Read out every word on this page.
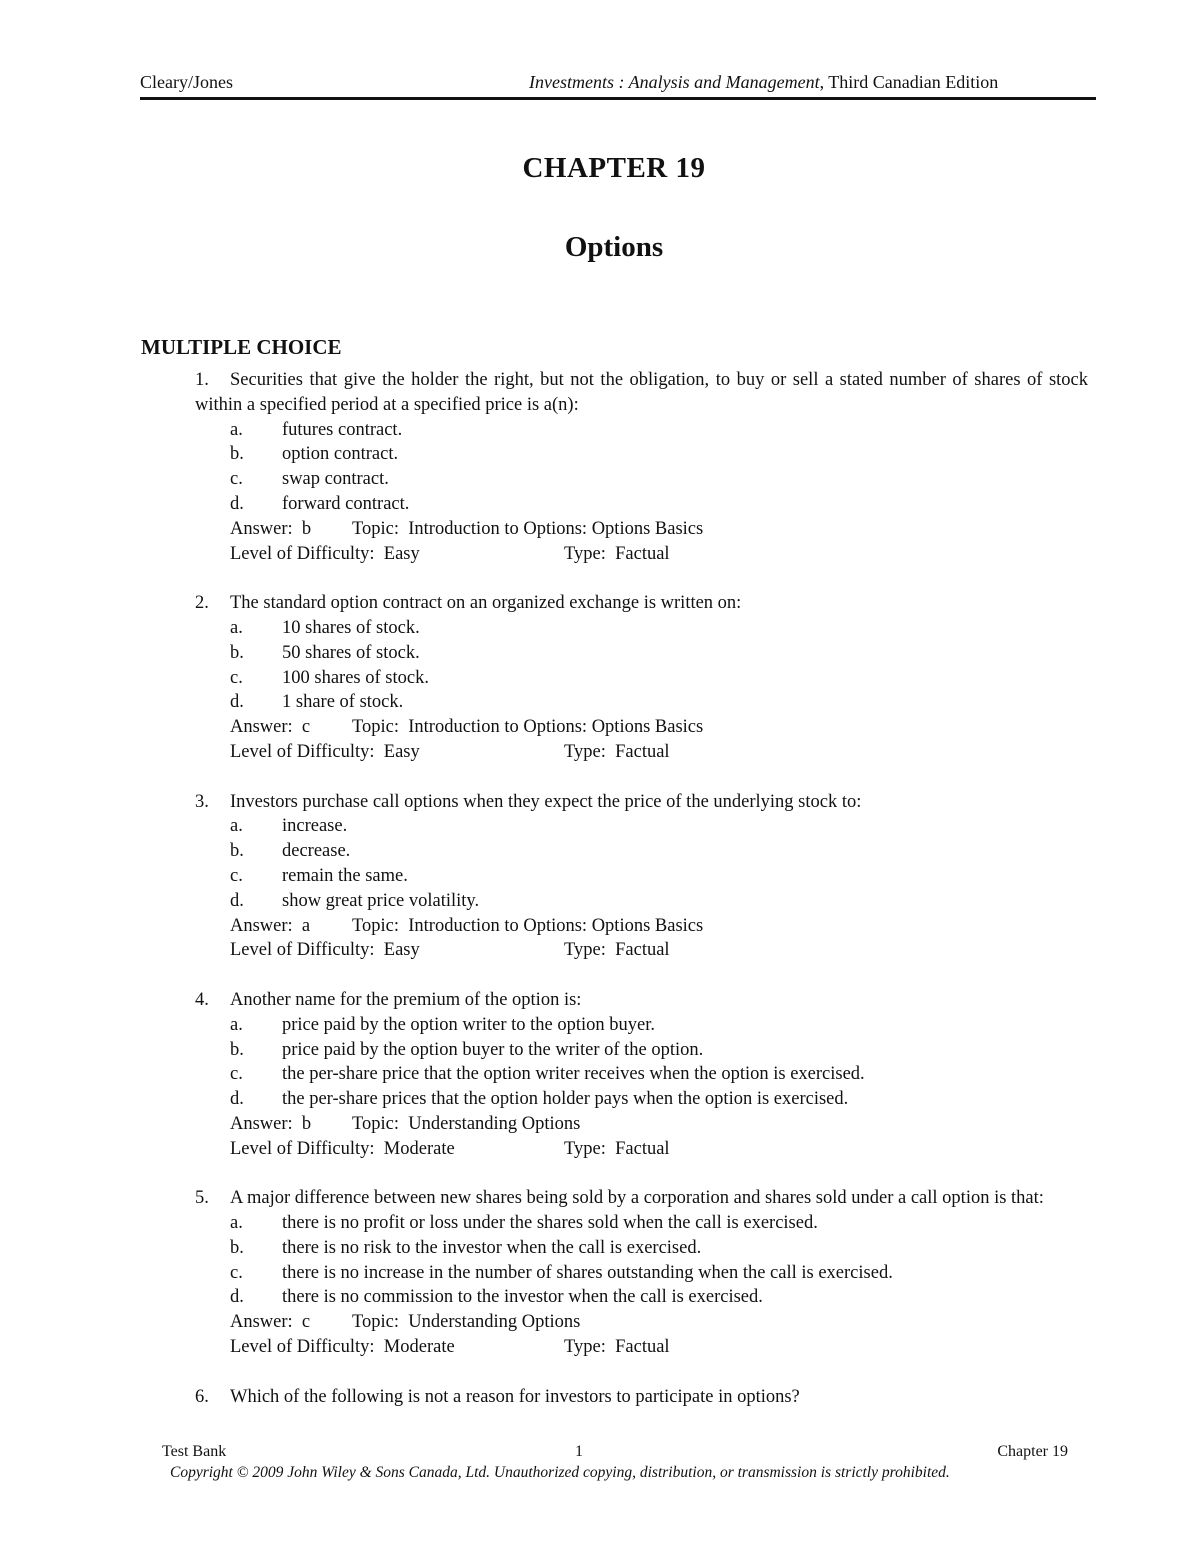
Cleary/Jones	Investments : Analysis and Management, Third Canadian Edition
CHAPTER 19
Options
MULTIPLE CHOICE
1. Securities that give the holder the right, but not the obligation, to buy or sell a stated number of shares of stock within a specified period at a specified price is a(n):
a. futures contract.
b. option contract.
c. swap contract.
d. forward contract.
Answer:  b Topic:  Introduction to Options: Options Basics
Level of Difficulty:  Easy	Type:  Factual
2. The standard option contract on an organized exchange is written on:
a. 10 shares of stock.
b. 50 shares of stock.
c. 100 shares of stock.
d. 1 share of stock.
Answer:  c Topic:  Introduction to Options: Options Basics
Level of Difficulty:  Easy	Type:  Factual
3. Investors purchase call options when they expect the price of the underlying stock to:
a. increase.
b. decrease.
c. remain the same.
d. show great price volatility.
Answer:  a Topic:  Introduction to Options: Options Basics
Level of Difficulty:  Easy	Type:  Factual
4. Another name for the premium of the option is:
a. price paid by the option writer to the option buyer.
b. price paid by the option buyer to the writer of the option.
c. the per-share price that the option writer receives when the option is exercised.
d. the per-share prices that the option holder pays when the option is exercised.
Answer:  b Topic:  Understanding Options
Level of Difficulty:  Moderate	Type:  Factual
5. A major difference between new shares being sold by a corporation and shares sold under a call option is that:
a. there is no profit or loss under the shares sold when the call is exercised.
b. there is no risk to the investor when the call is exercised.
c. there is no increase in the number of shares outstanding when the call is exercised.
d. there is no commission to the investor when the call is exercised.
Answer:  c Topic:  Understanding Options
Level of Difficulty:  Moderate	Type:  Factual
6. Which of the following is not a reason for investors to participate in options?
Test Bank	1	Chapter 19
Copyright © 2009 John Wiley & Sons Canada, Ltd. Unauthorized copying, distribution, or transmission is strictly prohibited.
